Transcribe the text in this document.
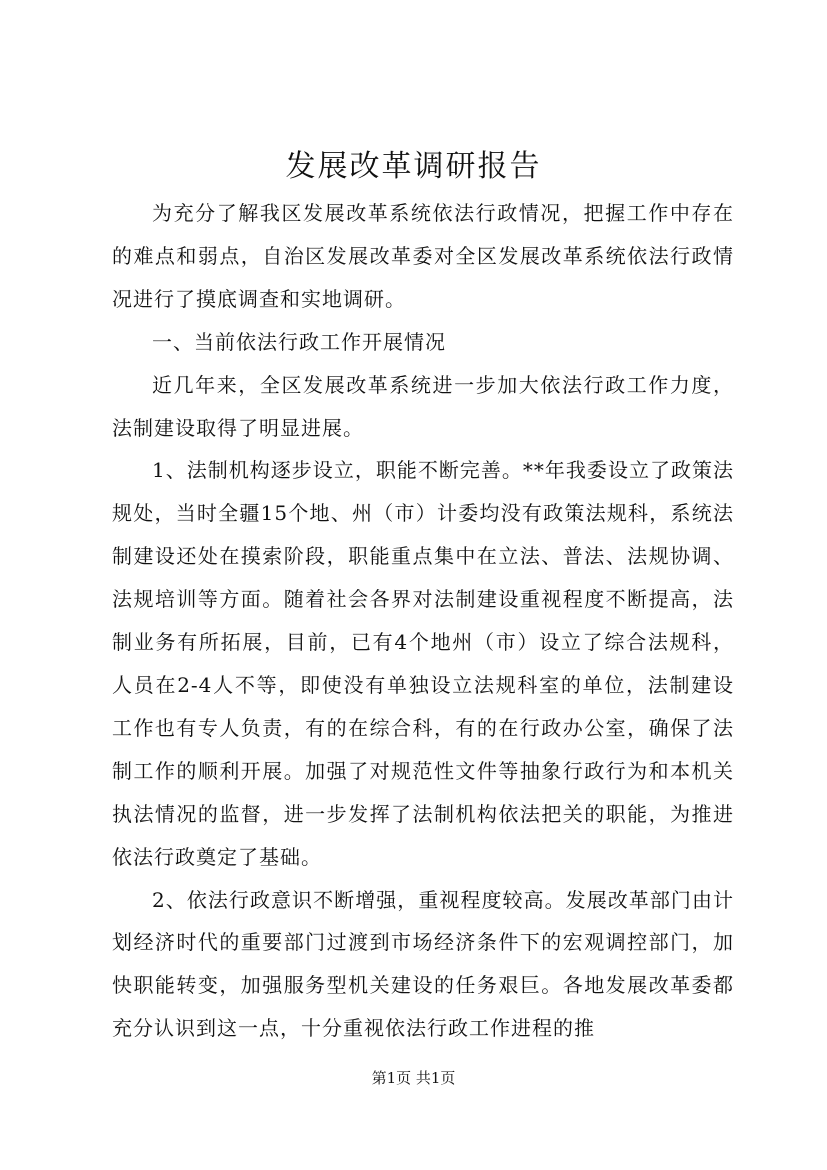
发展改革调研报告

为充分了解我区发展改革系统依法行政情况，把握工作中存在的难点和弱点，自治区发展改革委对全区发展改革系统依法行政情况进行了摸底调查和实地调研。

一、当前依法行政工作开展情况

近几年来，全区发展改革系统进一步加大依法行政工作力度，法制建设取得了明显进展。

1、法制机构逐步设立，职能不断完善。**年我委设立了政策法规处，当时全疆15个地、州（市）计委均没有政策法规科，系统法制建设还处在摸索阶段，职能重点集中在立法、普法、法规协调、法规培训等方面。随着社会各界对法制建设重视程度不断提高，法制业务有所拓展，目前，已有4个地州（市）设立了综合法规科，人员在2-4人不等，即使没有单独设立法规科室的单位，法制建设工作也有专人负责，有的在综合科，有的在行政办公室，确保了法制工作的顺利开展。加强了对规范性文件等抽象行政行为和本机关执法情况的监督，进一步发挥了法制机构依法把关的职能，为推进依法行政奠定了基础。

2、依法行政意识不断增强，重视程度较高。发展改革部门由计划经济时代的重要部门过渡到市场经济条件下的宏观调控部门，加快职能转变，加强服务型机关建设的任务艰巨。各地发展改革委都充分认识到这一点，十分重视依法行政工作进程的推

第1页 共1页
